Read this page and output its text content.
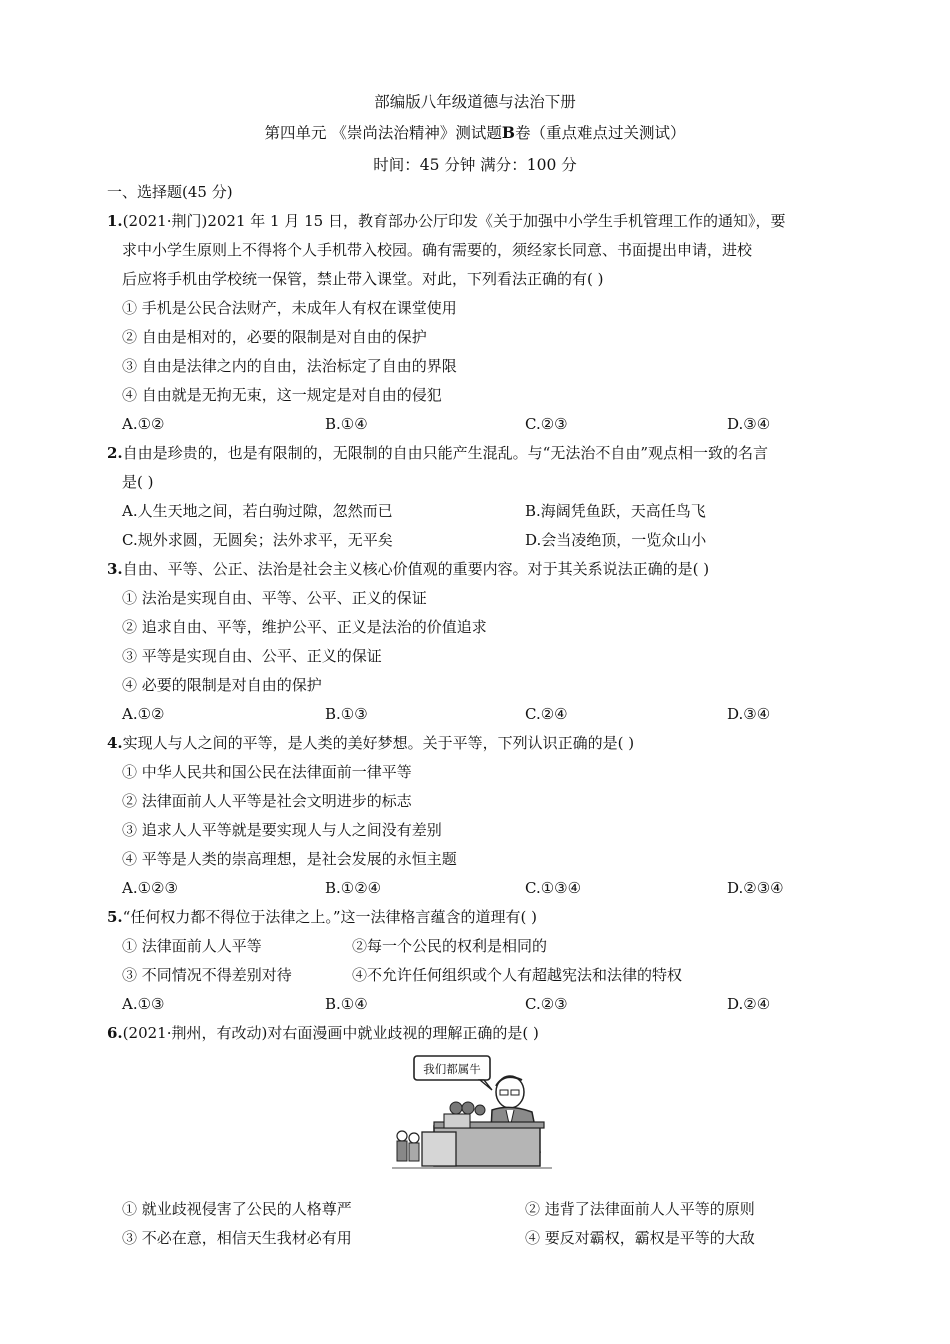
部编版八年级道德与法治下册
第四单元 《崇尚法治精神》测试题B卷（重点难点过关测试）
时间：45 分钟 满分：100 分
一、选择题(45 分)
1.(2021·荆门)2021 年 1 月 15 日，教育部办公厅印发《关于加强中小学生手机管理工作的通知》，要
求中小学生原则上不得将个人手机带入校园。确有需要的，须经家长同意、书面提出申请，进校
后应将手机由学校统一保管，禁止带入课堂。对此，下列看法正确的有( )
① 手机是公民合法财产，未成年人有权在课堂使用
② 自由是相对的，必要的限制是对自由的保护
③ 自由是法律之内的自由，法治标定了自由的界限
④ 自由就是无拘无束，这一规定是对自由的侵犯
A.①②	B.①④	C.②③	D.③④
2.自由是珍贵的，也是有限制的，无限制的自由只能产生混乱。与“无法治不自由”观点相一致的名言
是( )
A.人生天地之间，若白驹过隙，忽然而已	B.海阔凭鱼跃，天高任鸟飞
C.规外求圆，无圆矣；法外求平，无平矣	D.会当凌绝顶，一览众山小
3.自由、平等、公正、法治是社会主义核心价值观的重要内容。对于其关系说法正确的是( )
① 法治是实现自由、平等、公平、正义的保证
② 追求自由、平等，维护公平、正义是法治的价值追求
③ 平等是实现自由、公平、正义的保证
④ 必要的限制是对自由的保护
A.①②	B.①③	C.②④	D.③④
4.实现人与人之间的平等，是人类的美好梦想。关于平等，下列认识正确的是( )
① 中华人民共和国公民在法律面前一律平等
② 法律面前人人平等是社会文明进步的标志
③ 追求人人平等就是要实现人与人之间没有差别
④ 平等是人类的崇高理想，是社会发展的永恒主题
A.①②③	B.①②④	C.①③④	D.②③④
5.“任何权力都不得位于法律之上。”这一法律格言蕴含的道理有( )
① 法律面前人人平等	②每一个公民的权利是相同的
③ 不同情况不得差别对待	④不允许任何组织或个人有超越宪法和法律的特权
A.①③	B.①④	C.②③	D.②④
6.(2021·荆州，有改动)对右面漫画中就业歧视的理解正确的是( )
我们都属牛
① 就业歧视侵害了公民的人格尊严	② 违背了法律面前人人平等的原则
③ 不必在意，相信天生我材必有用	④ 要反对霸权，霸权是平等的大敌
